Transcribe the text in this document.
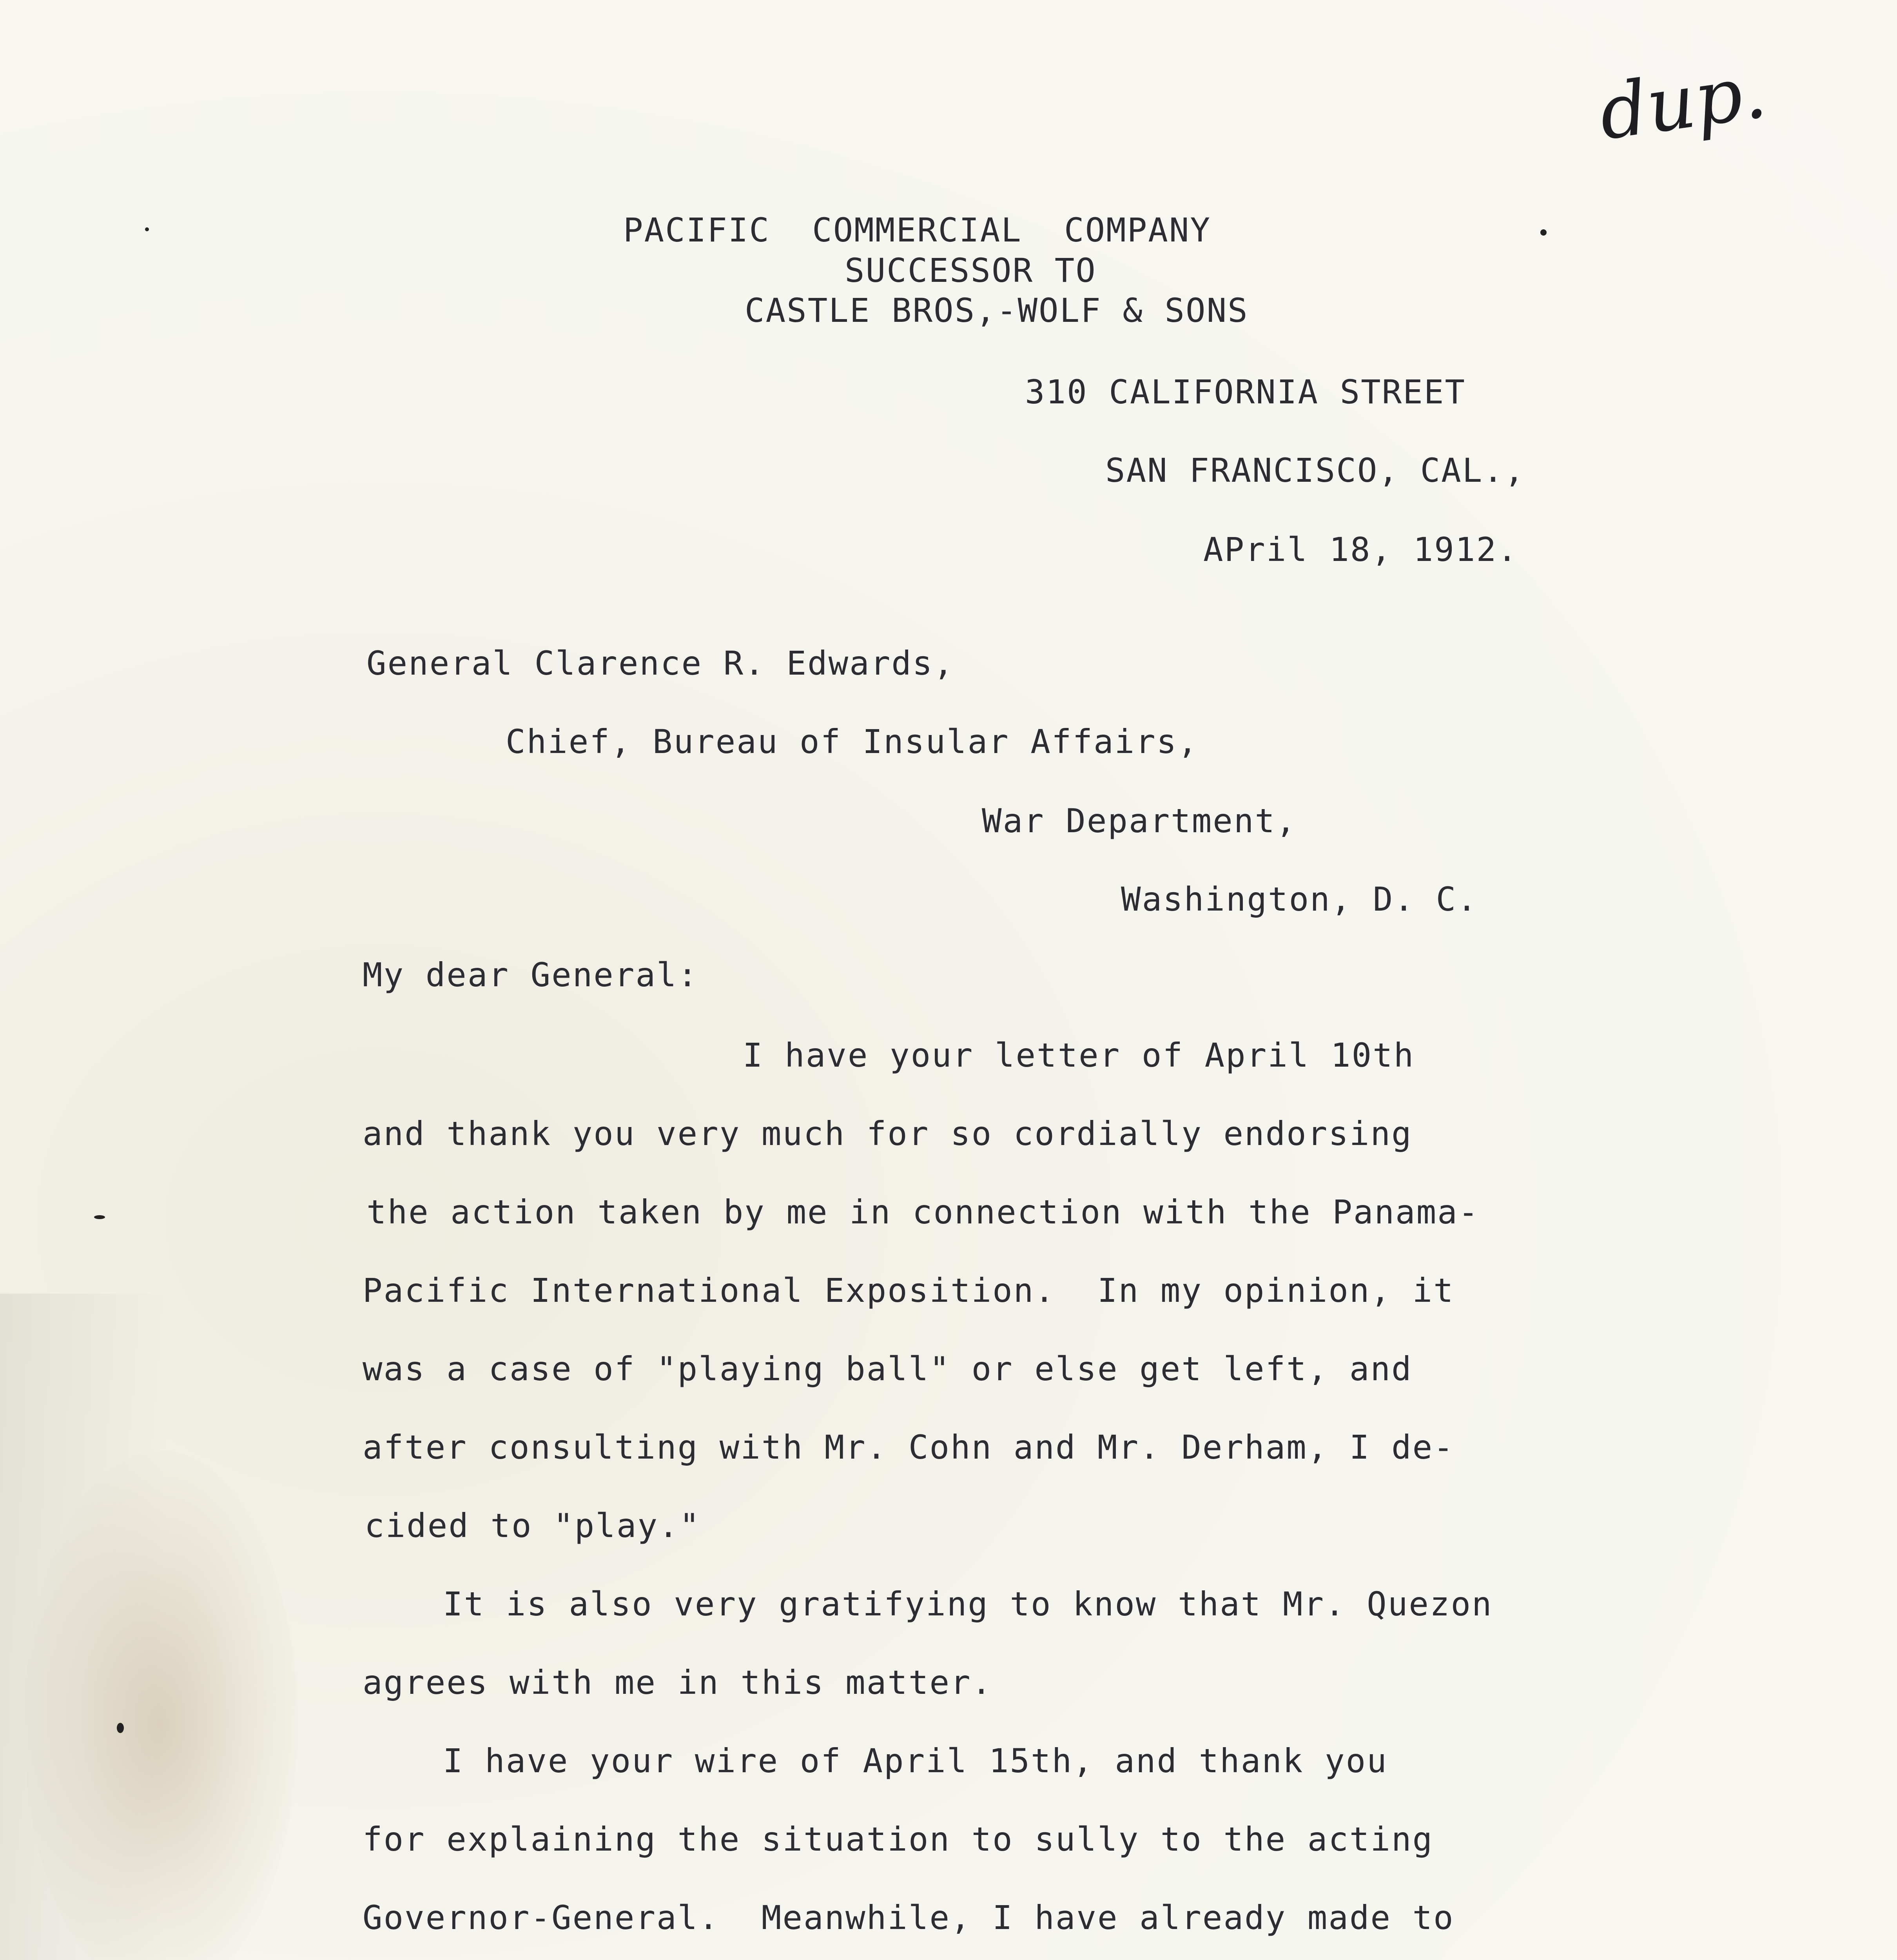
dup.
PACIFIC  COMMERCIAL  COMPANY
SUCCESSOR TO
CASTLE BROS,-WOLF & SONS
310 CALIFORNIA STREET
SAN FRANCISCO, CAL.,
APril 18, 1912.
General Clarence R. Edwards,
Chief, Bureau of Insular Affairs,
War Department,
Washington, D. C.
My dear General:
I have your letter of April 10th
and thank you very much for so cordially endorsing
the action taken by me in connection with the Panama-
Pacific International Exposition.  In my opinion, it
was a case of "playing ball" or else get left, and
after consulting with Mr. Cohn and Mr. Derham, I de-
cided to "play."
It is also very gratifying to know that Mr. Quezon
agrees with me in this matter.
I have your wire of April 15th, and thank you
for explaining the situation to sully to the acting
Governor-General.  Meanwhile, I have already made to
